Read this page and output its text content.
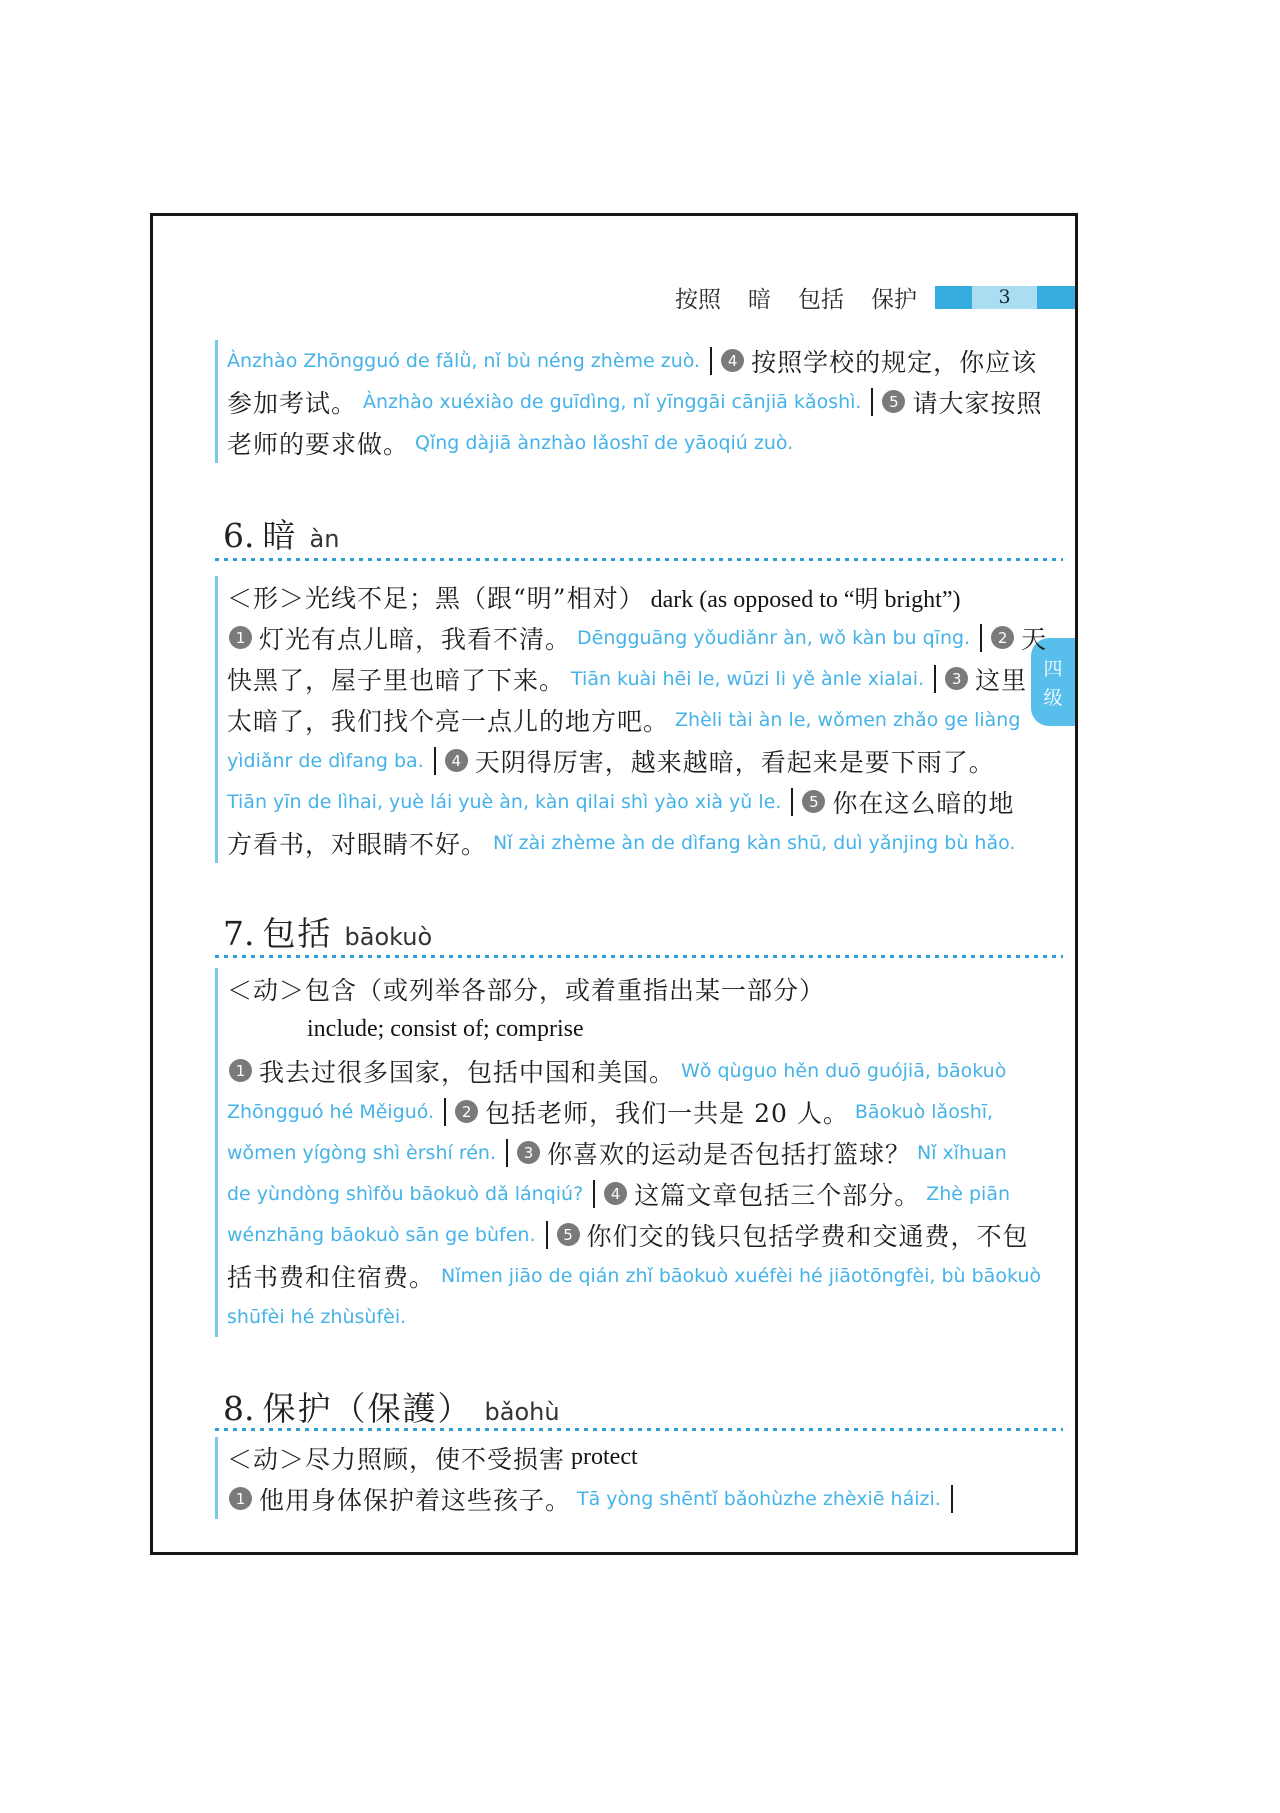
按照 暗 包括 保护	3
四
级
Ànzhào Zhōngguó de fǎlǜ, nǐ bù néng zhème zuò.	4 按照学校的规定，你应该
参加考试。 Ànzhào xuéxiào de guīdìng, nǐ yīnggāi cānjiā kǎoshì.	5 请大家按照
老师的要求做。 Qǐng dàjiā ànzhào lǎoshī de yāoqiú zuò.
6. 暗 àn
＜形＞光线不足；黑（跟“明”相对） dark (as opposed to “明 bright”)
1 灯光有点儿暗，我看不清。 Dēngguāng yǒudiǎnr àn, wǒ kàn bu qīng.	2 天
快黑了，屋子里也暗了下来。 Tiān kuài hēi le, wūzi li yě ànle xialai.	3 这里
太暗了，我们找个亮一点儿的地方吧。 Zhèli tài àn le, wǒmen zhǎo ge liàng
yìdiǎnr de dìfang ba.	4 天阴得厉害，越来越暗，看起来是要下雨了。
Tiān yīn de lìhai, yuè lái yuè àn, kàn qilai shì yào xià yǔ le.	5 你在这么暗的地
方看书，对眼睛不好。 Nǐ zài zhème àn de dìfang kàn shū, duì yǎnjing bù hǎo.
7. 包括 bāokuò
＜动＞包含（或列举各部分，或着重指出某一部分）
include; consist of; comprise
1 我去过很多国家，包括中国和美国。 Wǒ qùguo hěn duō guójiā, bāokuò
Zhōngguó hé Měiguó.	2 包括老师，我们一共是 20 人。 Bāokuò lǎoshī,
wǒmen yígòng shì èrshí rén.	3 你喜欢的运动是否包括打篮球？ Nǐ xǐhuan
de yùndòng shìfǒu bāokuò dǎ lánqiú?	4 这篇文章包括三个部分。 Zhè piān
wénzhāng bāokuò sān ge bùfen.	5 你们交的钱只包括学费和交通费，不包
括书费和住宿费。 Nǐmen jiāo de qián zhǐ bāokuò xuéfèi hé jiāotōngfèi, bù bāokuò
shūfèi hé zhùsùfèi.
8. 保护（保護） bǎohù
＜动＞尽力照顾，使不受损害 protect
1 他用身体保护着这些孩子。 Tā yòng shēntǐ bǎohùzhe zhèxiē háizi.
